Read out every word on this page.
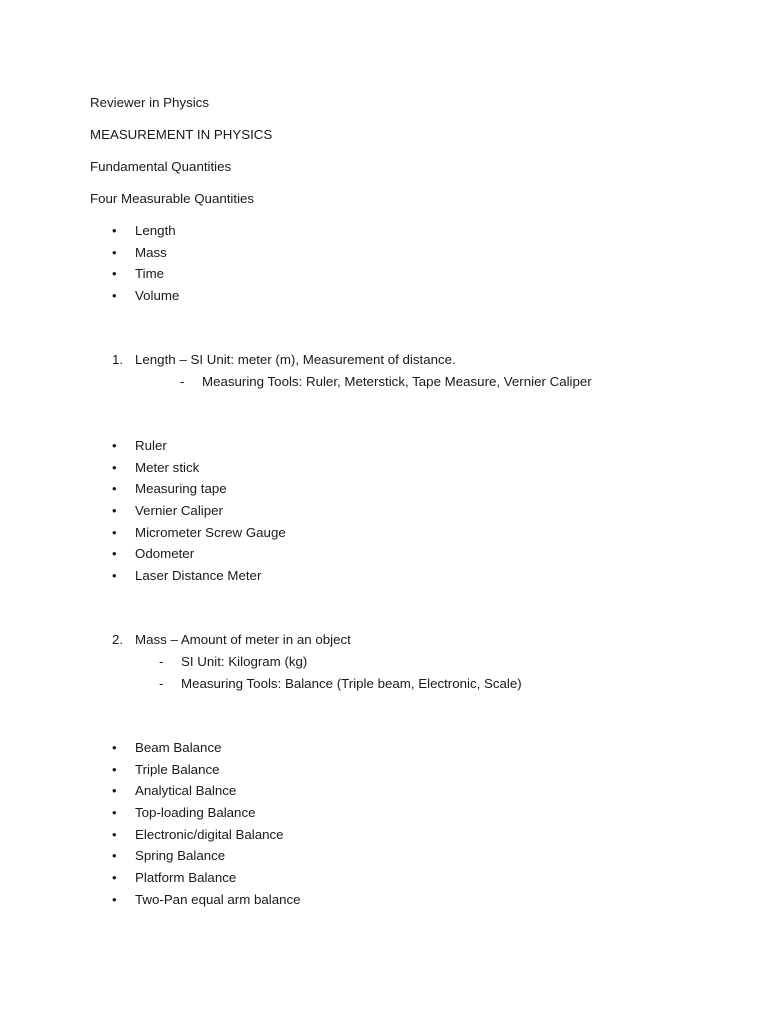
Reviewer in Physics
MEASUREMENT IN PHYSICS
Fundamental Quantities
Four Measurable Quantities
• Length
• Mass
• Time
• Volume
1. Length – SI Unit: meter (m), Measurement of distance.
- Measuring Tools: Ruler, Meterstick, Tape Measure, Vernier Caliper
• Ruler
• Meter stick
• Measuring tape
• Vernier Caliper
• Micrometer Screw Gauge
• Odometer
• Laser Distance Meter
2. Mass – Amount of meter in an object
- SI Unit: Kilogram (kg)
- Measuring Tools: Balance (Triple beam, Electronic, Scale)
• Beam Balance
• Triple Balance
• Analytical Balnce
• Top-loading Balance
• Electronic/digital Balance
• Spring Balance
• Platform Balance
• Two-Pan equal arm balance
